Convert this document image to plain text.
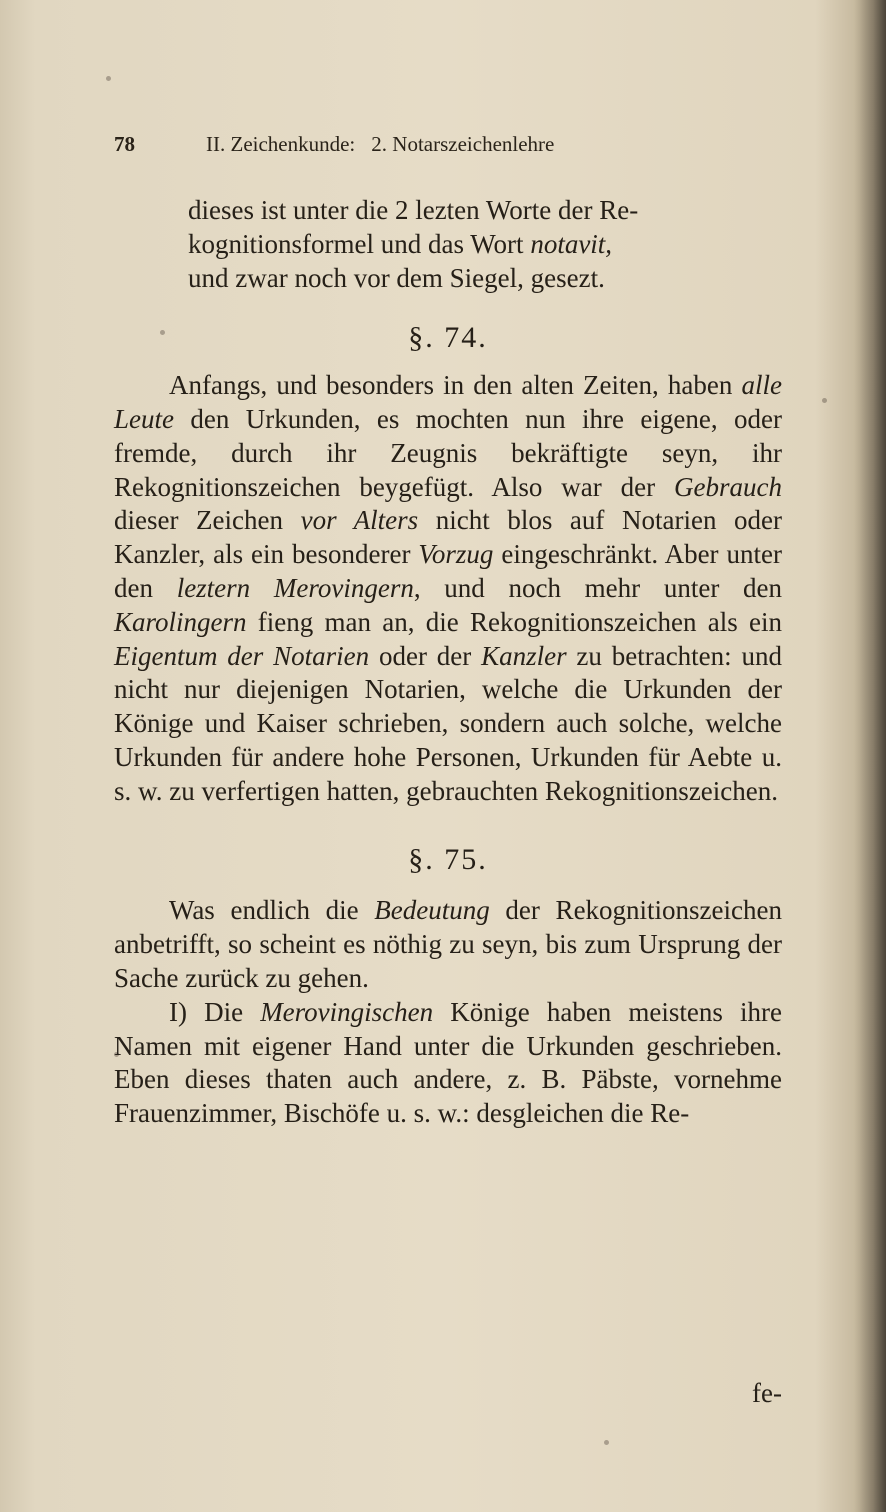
78	II. Zeichenkunde: 2. Notarszeichenlehre

dieses ist unter die 2 lezten Worte der Re-
kognitionsformel und das Wort notavit,
und zwar noch vor dem Siegel, gesezt.

§. 74.

Anfangs, und besonders in den alten Zeiten, haben alle Leute den Urkunden, es mochten nun ihre eigene, oder fremde, durch ihr Zeugnis bekräftigte seyn, ihr Rekognitionszeichen beygefügt. Also war der Gebrauch dieser Zeichen vor Alters nicht blos auf Notarien oder Kanzler, als ein besonderer Vorzug eingeschränkt. Aber unter den leztern Merovingern, und noch mehr unter den Karolingern fieng man an, die Rekognitionszeichen als ein Eigentum der Notarien oder der Kanzler zu betrachten: und nicht nur diejenigen Notarien, welche die Urkunden der Könige und Kaiser schrieben, sondern auch solche, welche Urkunden für andere hohe Personen, Urkunden für Aebte u. s. w. zu verfertigen hatten, gebrauchten Rekognitionszeichen.

§. 75.

Was endlich die Bedeutung der Rekognitionszeichen anbetrifft, so scheint es nöthig zu seyn, bis zum Ursprung der Sache zurück zu gehen.

I) Die Merovingischen Könige haben meistens ihre Namen mit eigener Hand unter die Urkunden geschrieben. Eben dieses thaten auch andere, z. B. Päbste, vornehme Frauenzimmer, Bischöfe u. s. w.: desgleichen die Re-

fe-
